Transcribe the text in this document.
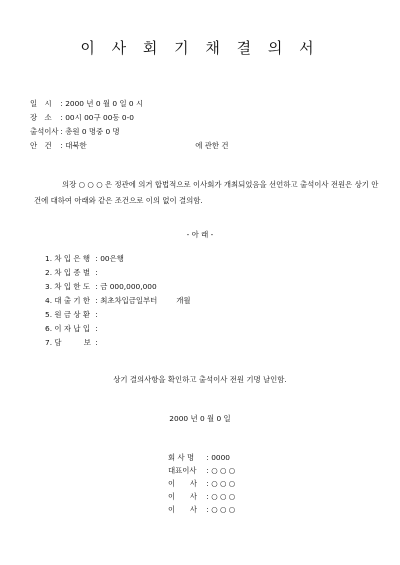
이 사 회 기 채 결 의 서
일　시 : 2000 년 0 월 0 일 0 시
장　소 : 00시 00구 00동 0-0
출석이사 : 총원 0 명중 0 명
안　건 : 대북한	에 관한 건
의장 ○ ○ ○ 은 정관에 의거 합법적으로 이사회가 개최되었음을 선언하고 출석이사 전원은 상기 안건에 대하여 아래와 같은 조건으로 이의 없이 결의함.
- 아 래 -
1. 차 입 은 행 : 00은행
2. 차 입 종 별 :
3. 차 입 한 도 : 금 000,000,000
4. 대 출 기 한 : 최초차입금일부터	개월
5. 원 금 상 환 :
6. 이 자 납 입 :
7. 담　　　보 :
상기 결의사항을 확인하고 출석이사 전원 기명 날인함.
2000 년 0 월 0 일
회 사 명 : 0000
대표이사 : ○ ○ ○
이　　사 : ○ ○ ○
이　　사 : ○ ○ ○
이　　사 : ○ ○ ○
